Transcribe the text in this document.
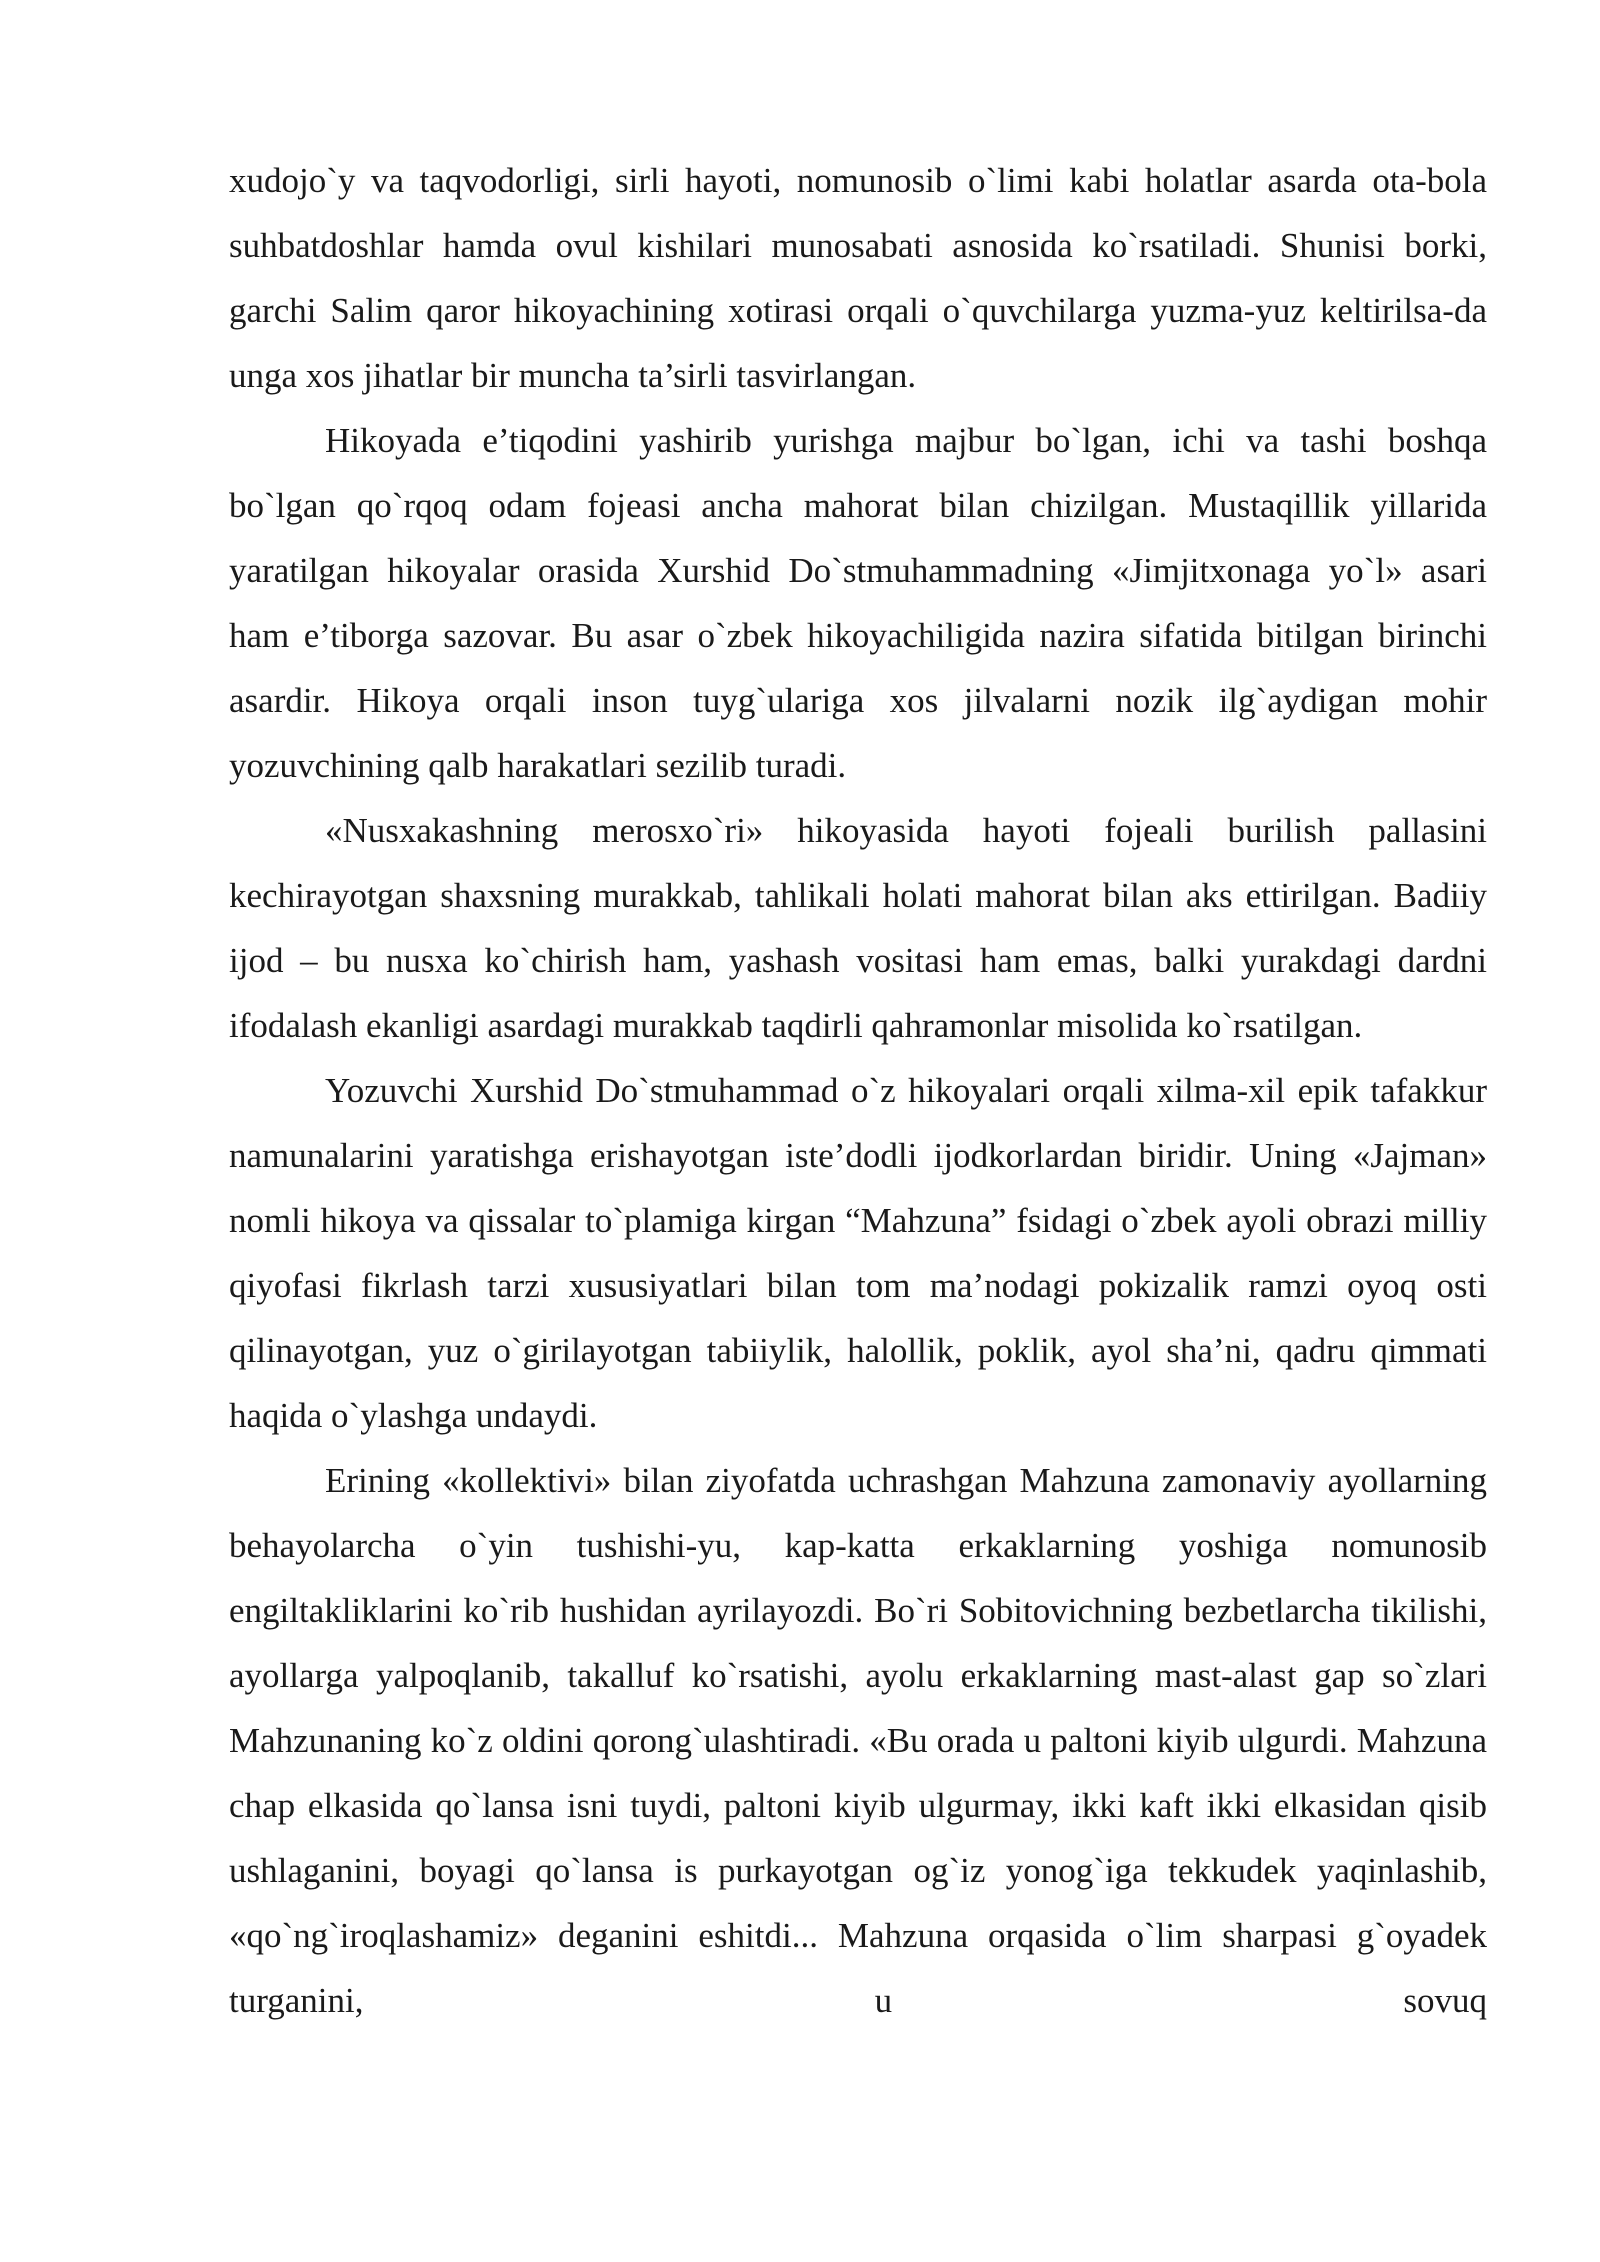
xudojo`y va taqvodorligi, sirli hayoti, nomunosib o`limi kabi holatlar asarda ota-bola suhbatdoshlar hamda ovul kishilari munosabati asnosida ko`rsatiladi. Shunisi borki, garchi Salim qaror hikoyachining xotirasi orqali o`quvchilarga yuzma-yuz keltirilsa-da unga xos jihatlar bir muncha ta’sirli tasvirlangan.

Hikoyada e’tiqodini yashirib yurishga majbur bo`lgan, ichi va tashi boshqa bo`lgan qo`rqoq odam fojeasi ancha mahorat bilan chizilgan. Mustaqillik yillarida yaratilgan hikoyalar orasida Xurshid Do`stmuhammadning «Jimjitxonaga yo`l» asari ham e’tiborga sazovar. Bu asar o`zbek hikoyachiligida nazira sifatida bitilgan birinchi asardir. Hikoya orqali inson tuyg`ulariga xos jilvalarni nozik ilg`aydigan mohir yozuvchining qalb harakatlari sezilib turadi.

«Nusxakashning merosxo`ri» hikoyasida hayoti fojeali burilish pallasini kechirayotgan shaxsning murakkab, tahlikali holati mahorat bilan aks ettirilgan. Badiiy ijod – bu nusxa ko`chirish ham, yashash vositasi ham emas, balki yurakdagi dardni ifodalash ekanligi asardagi murakkab taqdirli qahramonlar misolida ko`rsatilgan.

Yozuvchi Xurshid Do`stmuhammad o`z hikoyalari orqali xilma-xil epik tafakkur namunalarini yaratishga erishayotgan iste’dodli ijodkorlardan biridir. Uning «Jajman» nomli hikoya va qissalar to`plamiga kirgan “Mahzuna” fsidagi o`zbek ayoli obrazi milliy qiyofasi fikrlash tarzi xususiyatlari bilan tom ma’nodagi pokizalik ramzi oyoq osti qilinayotgan, yuz o`girilayotgan tabiiylik, halollik, poklik, ayol sha’ni, qadru qimmati haqida o`ylashga undaydi.

Erining «kollektivi» bilan ziyofatda uchrashgan Mahzuna zamonaviy ayollarning behayolarcha o`yin tushishi-yu, kap-katta erkaklarning yoshiga nomunosib engiltakliklarini ko`rib hushidan ayrilayozdi. Bo`ri Sobitovichning bezbetlarcha tikilishi, ayollarga yalpoqlanib, takalluf ko`rsatishi, ayolu erkaklarning mast-alast gap so`zlari Mahzunaning ko`z oldini qorong`ulashtiradi. «Bu orada u paltoni kiyib ulgurdi. Mahzuna chap elkasida qo`lansa isni tuydi, paltoni kiyib ulgurmay, ikki kaft ikki elkasidan qisib ushlaganini, boyagi qo`lansa is purkayotgan og`iz yonog`iga tekkudek yaqinlashib, «qo`ng`iroqlashamiz» deganini eshitdi... Mahzuna orqasida o`lim sharpasi g`oyadek turganini, u sovuq
